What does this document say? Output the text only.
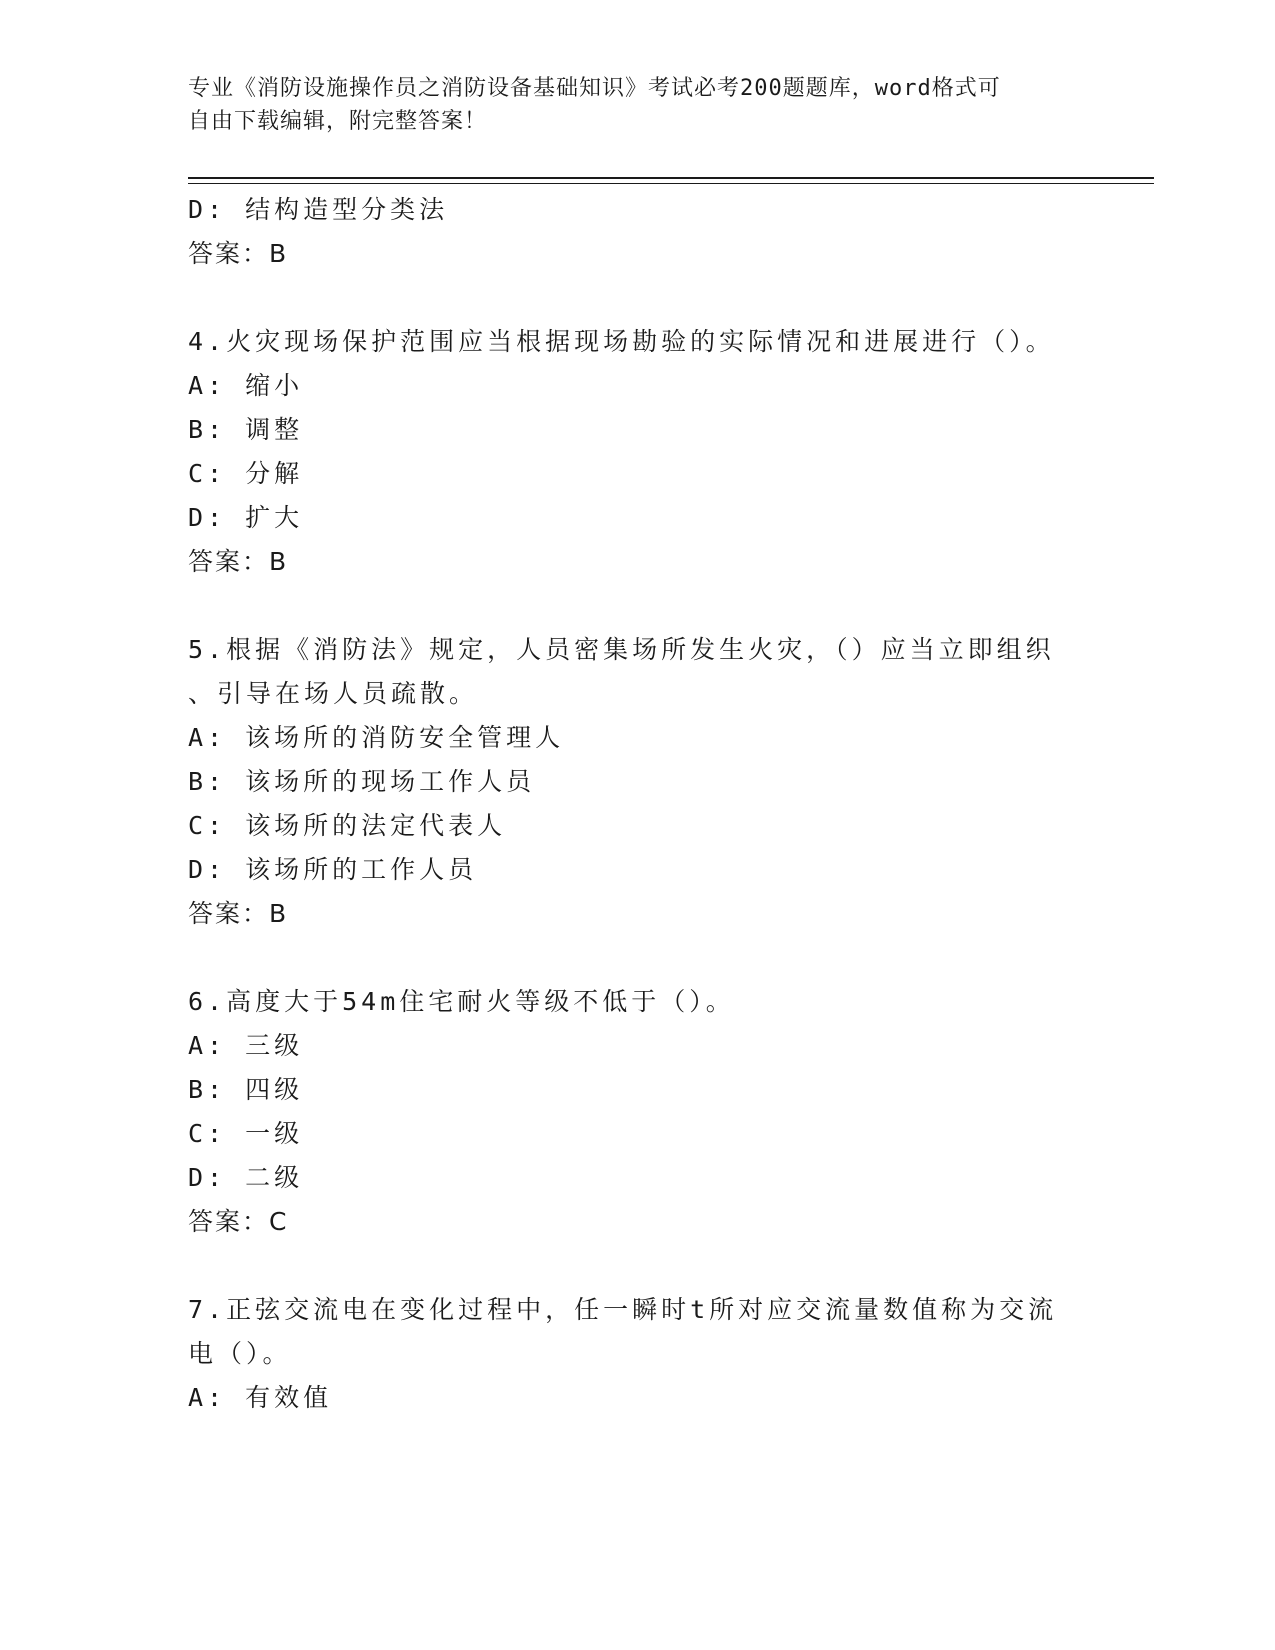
专业《消防设施操作员之消防设备基础知识》考试必考200题题库，word格式可
自由下载编辑，附完整答案！
D: 结构造型分类法
答案：B
4.火灾现场保护范围应当根据现场勘验的实际情况和进展进行（）。
A: 缩小
B: 调整
C: 分解
D: 扩大
答案：B
5.根据《消防法》规定，人员密集场所发生火灾，（）应当立即组织
、引导在场人员疏散。
A: 该场所的消防安全管理人
B: 该场所的现场工作人员
C: 该场所的法定代表人
D: 该场所的工作人员
答案：B
6.高度大于54m住宅耐火等级不低于（）。
A: 三级
B: 四级
C: 一级
D: 二级
答案：C
7.正弦交流电在变化过程中，任一瞬时t所对应交流量数值称为交流
电（）。
A: 有效值
